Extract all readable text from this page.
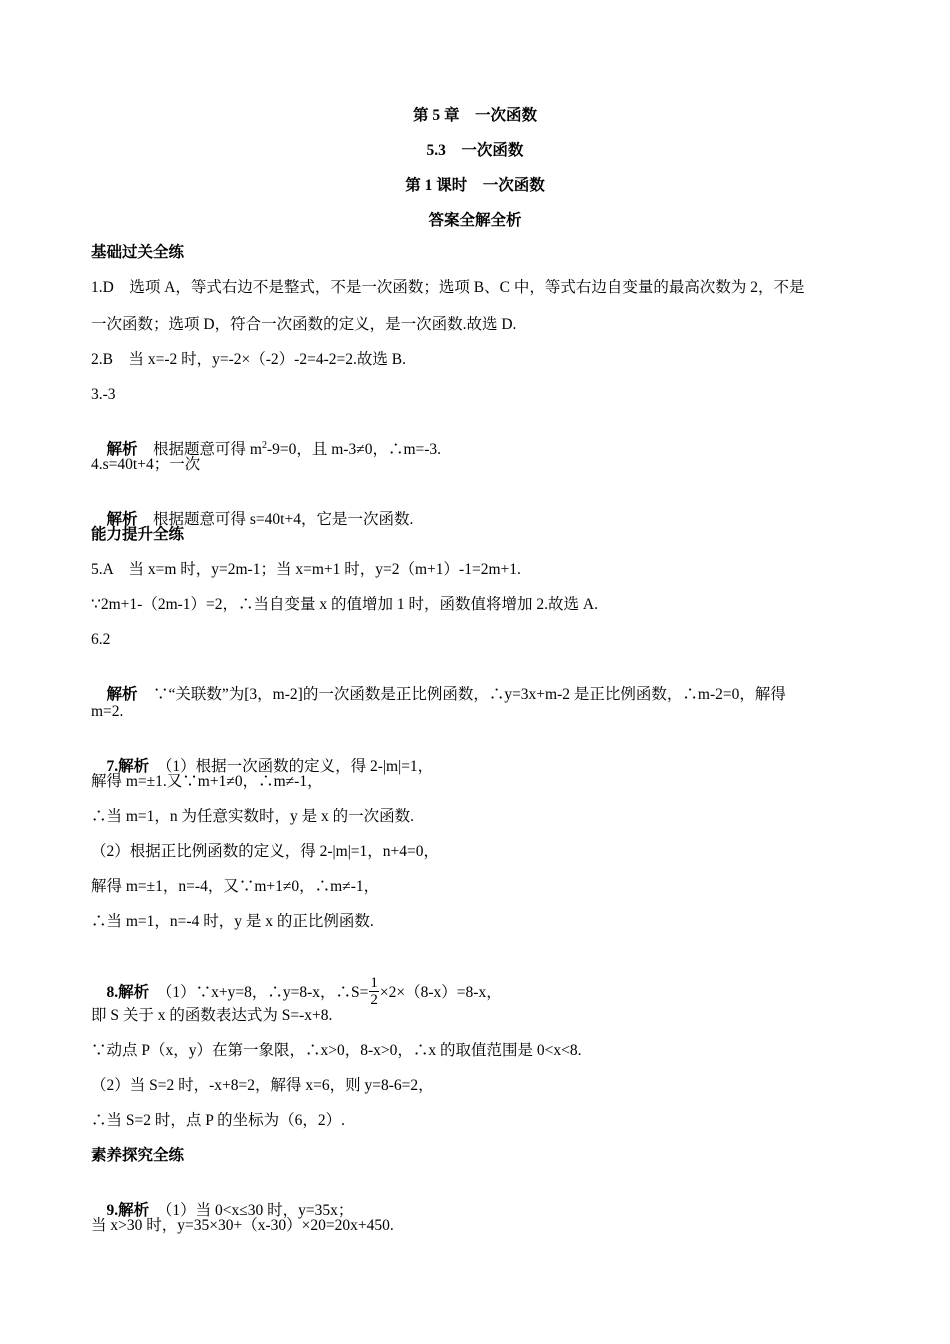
第 5 章　一次函数
5.3　一次函数
第 1 课时　一次函数
答案全解全析
基础过关全练
1.D　选项 A，等式右边不是整式，不是一次函数；选项 B、C 中，等式右边自变量的最高次数为 2，不是
一次函数；选项 D，符合一次函数的定义，是一次函数.故选 D.
2.B　当 x=-2 时，y=-2×（-2）-2=4-2=2.故选 B.
3.-3

解析　根据题意可得 $m^2-9=0$，且 m-3≠0，∴m=-3.

4.s=40t+4；一次

解析　根据题意可得 s=40t+4，它是一次函数.

能力提升全练
5.A　当 x=m 时，y=2m-1；当 x=m+1 时，y=2（m+1）-1=2m+1.
∵2m+1-（2m-1）=2，∴当自变量 x 的值增加 1 时，函数值将增加 2.故选 A.
6.2

解析　∵“关联数”为[3，m-2]的一次函数是正比例函数，∴y=3x+m-2 是正比例函数，∴m-2=0，解得

m=2.

7.解析　（1）根据一次函数的定义，得 2-|m|=1，

解得 m=±1.又∵m+1≠0，∴m≠-1，
∴当 m=1，n 为任意实数时，y 是 x 的一次函数.
（2）根据正比例函数的定义，得 2-|m|=1，n+4=0，
解得 m=±1，n=-4，又∵m+1≠0，∴m≠-1，
∴当 m=1，n=-4 时，y 是 x 的正比例函数.

8.解析　（1）∵x+y=8，∴y=8-x，∴S= $\frac{1}{2} \times 2\times(8-x)=8-x$，

即 S 关于 x 的函数表达式为 S=-x+8.
∵动点 P（x，y）在第一象限，∴x>0，8-x>0，∴x 的取值范围是 0<x<8.
（2）当 S=2 时，-x+8=2，解得 x=6，则 y=8-6=2，
∴当 S=2 时，点 P 的坐标为（6，2）.
素养探究全练

9.解析　（1）当 0<x≤30 时，y=35x；

当 x>30 时，y=35×30+（x-30）×20=20x+450.
